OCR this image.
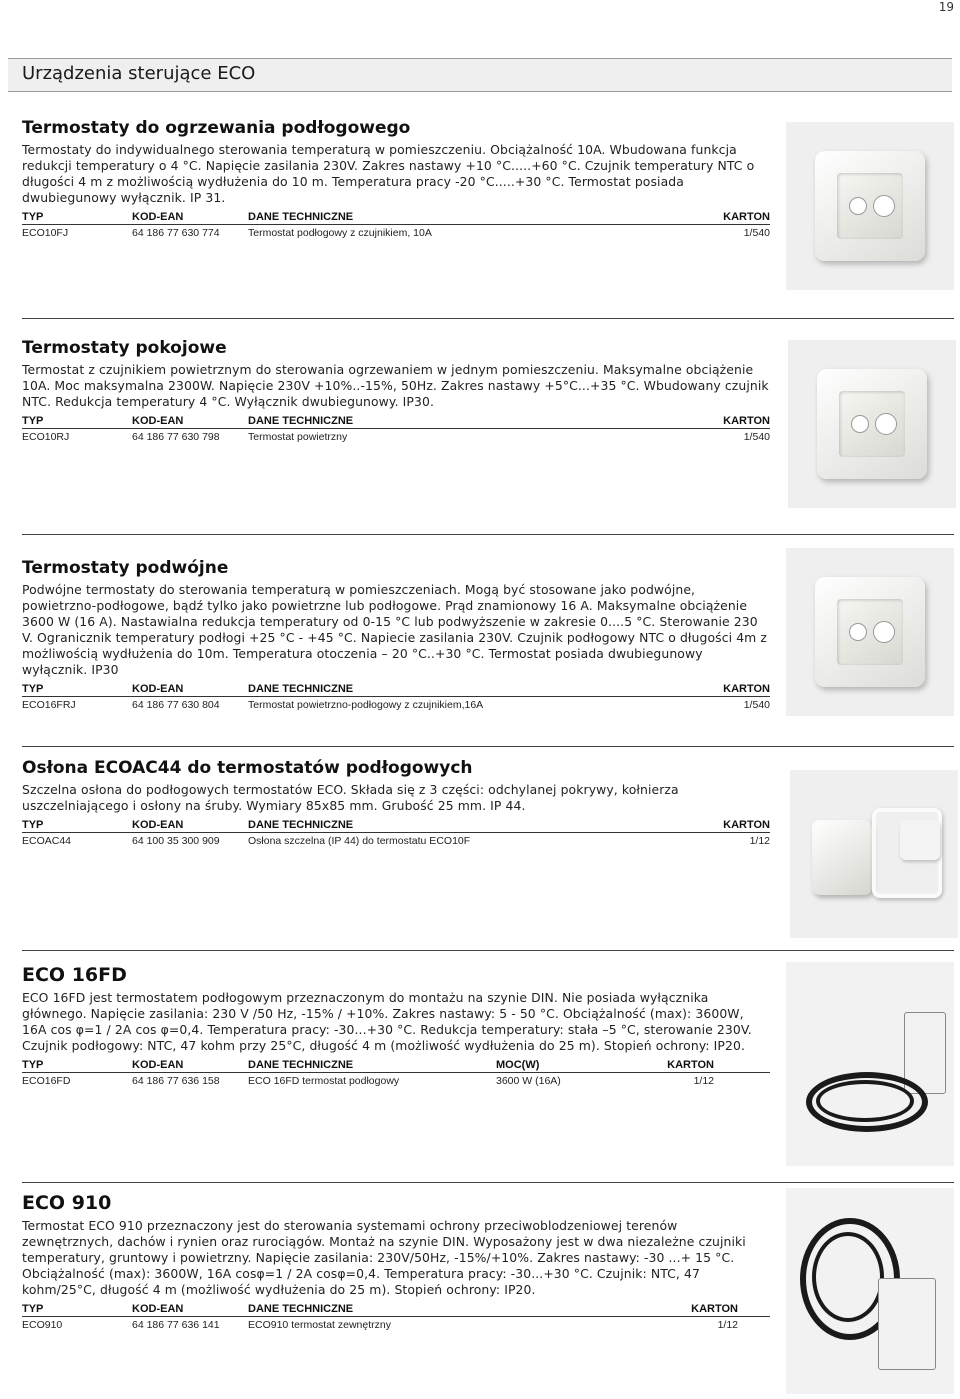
19
Urządzenia sterujące ECO
Termostaty do ogrzewania podłogowego

Termostaty do indywidualnego sterowania temperaturą w pomieszczeniu. Obciążalność 10A. Wbudowana funkcja redukcji temperatury o 4 °C. Napięcie zasilania 230V. Zakres nastawy +10 °C.....+60 °C. Czujnik temperatury NTC o długości 4 m z możliwością wydłużenia do 10 m. Temperatura pracy -20 °C.....+30 °C. Termostat posiada dwubiegunowy wyłącznik. IP 31.

TYP	KOD-EAN	DANE TECHNICZNE	KARTON
ECO10FJ	64 186 77 630 774	Termostat podłogowy z czujnikiem, 10A	1/540
Termostaty pokojowe

Termostat z czujnikiem powietrznym do sterowania ogrzewaniem w jednym pomieszczeniu. Maksymalne obciążenie 10A. Moc maksymalna 2300W. Napięcie 230V +10%..-15%, 50Hz. Zakres nastawy +5°C...+35 °C. Wbudowany czujnik NTC. Redukcja temperatury 4 °C. Wyłącznik dwubiegunowy. IP30.

TYP	KOD-EAN	DANE TECHNICZNE	KARTON
ECO10RJ	64 186 77 630 798	Termostat powietrzny	1/540
Termostaty podwójne

Podwójne termostaty do sterowania temperaturą w pomieszczeniach. Mogą być stosowane jako podwójne, powietrzno-podłogowe, bądź tylko jako powietrzne lub podłogowe. Prąd znamionowy 16 A. Maksymalne obciążenie 3600 W (16 A). Nastawialna redukcja temperatury od 0-15 °C lub podwyższenie w zakresie 0....5 °C. Sterowanie 230 V. Ogranicznik temperatury podłogi +25 °C - +45 °C. Napiecie zasilania 230V. Czujnik podłogowy NTC o długości 4m z możliwością wydłużenia do 10m. Temperatura otoczenia – 20 °C..+30 °C. Termostat posiada dwubiegunowy wyłącznik. IP30

TYP	KOD-EAN	DANE TECHNICZNE	KARTON
ECO16FRJ	64 186 77 630 804	Termostat powietrzno-podłogowy z czujnikiem,16A	1/540
Osłona ECOAC44 do termostatów podłogowych

Szczelna osłona do podłogowych termostatów ECO. Składa się z 3 części: odchylanej pokrywy, kołnierza uszczelniającego i osłony na śruby. Wymiary 85x85 mm. Grubość 25 mm. IP 44.

TYP	KOD-EAN	DANE TECHNICZNE	KARTON
ECOAC44	64 100 35 300 909	Osłona szczelna (IP 44) do termostatu ECO10F	1/12
ECO 16FD

ECO 16FD jest termostatem podłogowym przeznaczonym do montażu na szynie DIN. Nie posiada wyłącznika głównego. Napięcie zasilania: 230 V /50 Hz, -15% / +10%. Zakres nastawy: 5 - 50 °C. Obciążalność (max): 3600W, 16A cos φ=1 / 2A cos φ=0,4. Temperatura pracy: -30...+30 °C. Redukcja temperatury: stała –5 °C, sterowanie 230V. Czujnik podłogowy: NTC, 47 kohm przy 25°C, długość 4 m (możliwość wydłużenia do 25 m). Stopień ochrony: IP20.

TYP	KOD-EAN	DANE TECHNICZNE	MOC(W)	KARTON
ECO16FD	64 186 77 636 158	ECO 16FD termostat podłogowy	3600 W (16A)	1/12
ECO 910

Termostat ECO 910 przeznaczony jest do sterowania systemami ochrony przeciwoblodzeniowej terenów zewnętrznych, dachów i rynien oraz rurociągów. Montaż na szynie DIN. Wyposażony jest w dwa niezależne czujniki temperatury, gruntowy i powietrzny. Napięcie zasilania: 230V/50Hz, -15%/+10%. Zakres nastawy: -30 ...+ 15 °C. Obciążalność (max): 3600W, 16A cosφ=1 / 2A cosφ=0,4. Temperatura pracy: -30...+30 °C. Czujnik: NTC, 47 kohm/25°C, długość 4 m (możliwość wydłużenia do 25 m). Stopień ochrony: IP20.

TYP	KOD-EAN	DANE TECHNICZNE	KARTON
ECO910	64 186 77 636 141	ECO910 termostat zewnętrzny	1/12
